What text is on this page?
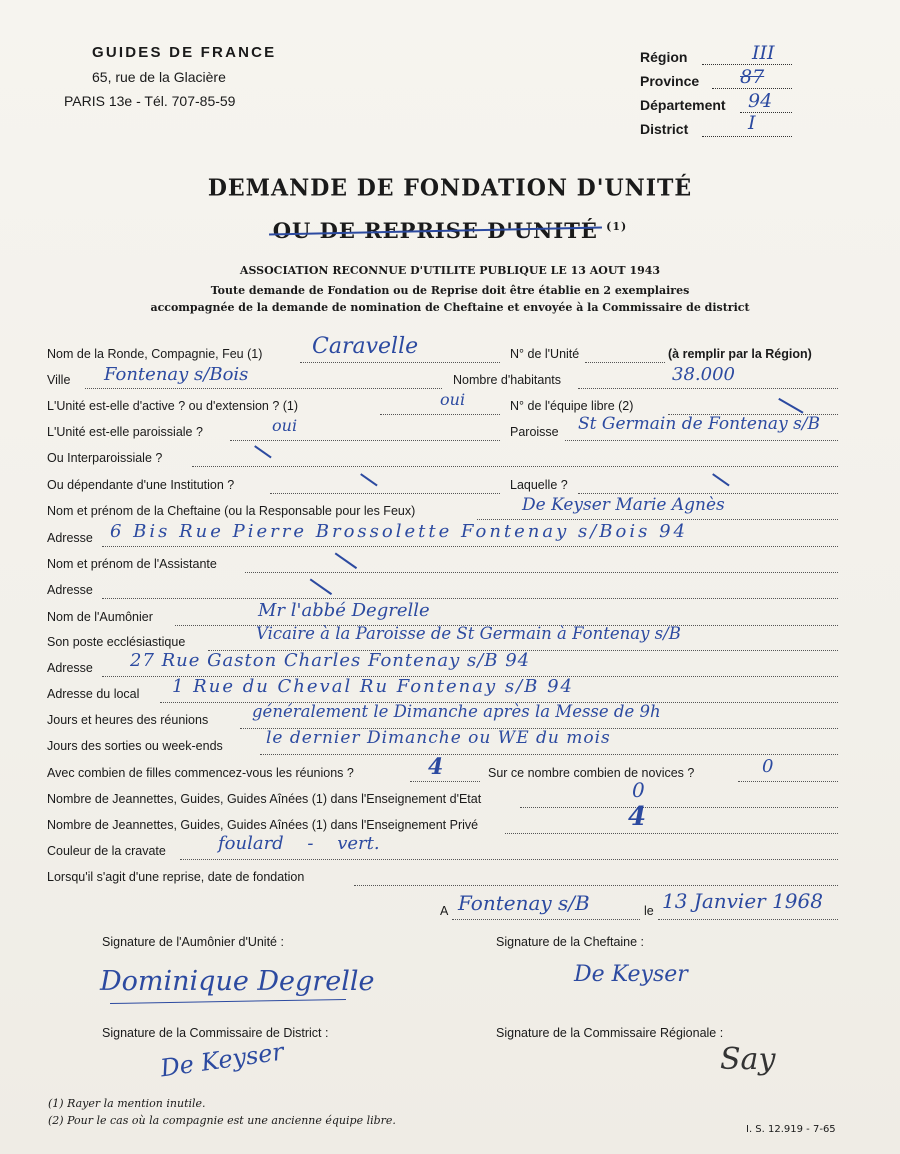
GUIDES DE FRANCE
65, rue de la Glacière
PARIS 13e - Tél. 707-85-59
Région	III
Province 87
Département 94
District	I
DEMANDE DE FONDATION D'UNITÉ
OU DE REPRISE D'UNITÉ $^{(1)}$
ASSOCIATION RECONNUE D'UTILITE PUBLIQUE LE 13 AOUT 1943
Toute demande de Fondation ou de Reprise doit être établie en 2 exemplaires
accompagnée de la demande de nomination de Cheftaine et envoyée à la Commissaire de district
Nom de la Ronde, Compagnie, Feu (1) Caravelle	N° de l'Unité	(à remplir par la Région)
Ville Fontenay s/Bois	Nombre d'habitants	38.000
L'Unité est-elle d'active ? ou d'extension ? (1)	oui	N° de l'équipe libre (2)
L'Unité est-elle paroissiale ?	oui	Paroisse St Germain de Fontenay s/B
Ou Interparoissiale ?
Ou dépendante d'une Institution ?	Laquelle ?
Nom et prénom de la Cheftaine (ou la Responsable pour les Feux)	De Keyser Marie Agnès
Adresse 6 Bis Rue Pierre Brossolette Fontenay s/Bois 94
Nom et prénom de l'Assistante
Adresse
Nom de l'Aumônier	Mr l'abbé Degrelle
Son poste ecclésiastique	Vicaire à la Paroisse de St Germain à Fontenay s/B
Adresse 27 Rue Gaston Charles Fontenay s/B 94
Adresse du local 1 Rue du Cheval Ru Fontenay s/B 94
Jours et heures des réunions	généralement le Dimanche après la Messe de 9h
Jours des sorties ou week-ends	le dernier Dimanche ou WE du mois
Avec combien de filles commencez-vous les réunions ?	4	Sur ce nombre combien de novices ?	0
Nombre de Jeannettes, Guides, Guides Aînées (1) dans l'Enseignement d'Etat	0
Nombre de Jeannettes, Guides, Guides Aînées (1) dans l'Enseignement Privé	4
Couleur de la cravate	foulard - vert.
Lorsqu'il s'agit d'une reprise, date de fondation
A Fontenay s/B	le 13 Janvier 1968
Signature de l'Aumônier d'Unité :
Dominique Degrelle
Signature de la Cheftaine :
De Keyser
Signature de la Commissaire de District :
De Keyser
Signature de la Commissaire Régionale :
Say
(1) Rayer la mention inutile.
(2) Pour le cas où la compagnie est une ancienne équipe libre.
I. S. 12.919 - 7-65
